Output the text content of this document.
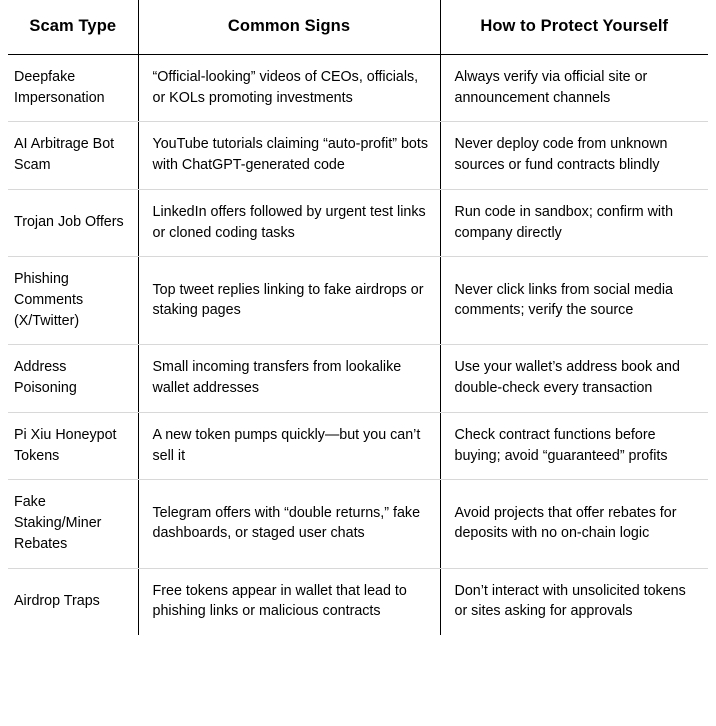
Scam Type	Common Signs	How to Protect Yourself
Deepfake Impersonation	“Official-looking” videos of CEOs, officials, or KOLs promoting investments	Always verify via official site or announcement channels
AI Arbitrage Bot Scam	YouTube tutorials claiming “auto-profit” bots with ChatGPT-generated code	Never deploy code from unknown sources or fund contracts blindly
Trojan Job Offers	LinkedIn offers followed by urgent test links or cloned coding tasks	Run code in sandbox; confirm with company directly
Phishing Comments (X/Twitter)	Top tweet replies linking to fake airdrops or staking pages	Never click links from social media comments; verify the source
Address Poisoning	Small incoming transfers from lookalike wallet addresses	Use your wallet’s address book and double-check every transaction
Pi Xiu Honeypot Tokens	A new token pumps quickly—but you can’t sell it	Check contract functions before buying; avoid “guaranteed” profits
Fake Staking/Miner Rebates	Telegram offers with “double returns,” fake dashboards, or staged user chats	Avoid projects that offer rebates for deposits with no on-chain logic
Airdrop Traps	Free tokens appear in wallet that lead to phishing links or malicious contracts	Don’t interact with unsolicited tokens or sites asking for approvals
